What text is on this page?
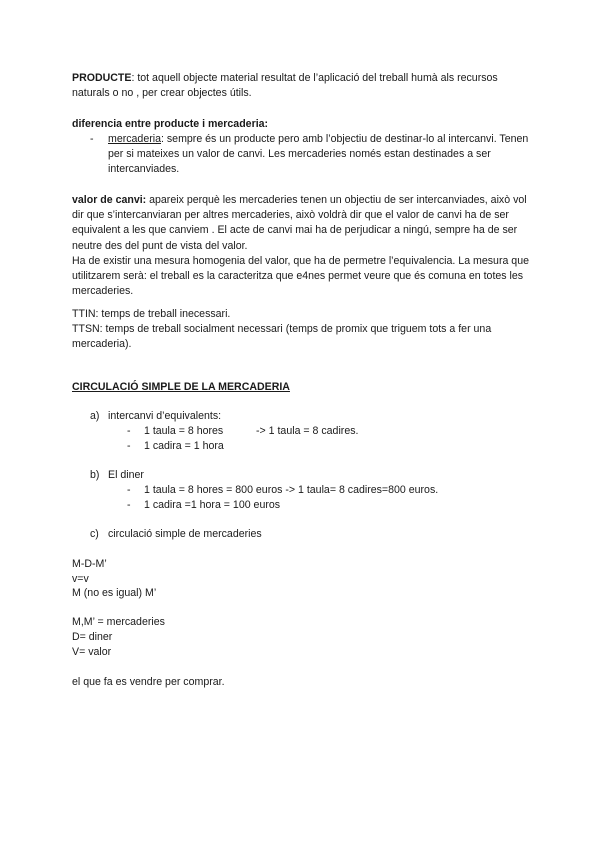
PRODUCTE: tot aquell objecte material resultat de l’aplicació del treball humà als recursos naturals o no , per crear objectes útils.
diferencia entre producte i mercaderia:
- mercaderia: sempre és un producte pero amb l’objectiu de destinar-lo al intercanvi. Tenen per si mateixes un valor de canvi. Les mercaderies només estan destinades a ser intercanviades.
valor de canvi: apareix perquè les mercaderies tenen un objectiu de ser intercanviades, això vol dir que s’intercanviaran per altres mercaderies, això voldrà dir que el valor de canvi ha de ser equivalent a les que canviem . El acte de canvi mai ha de perjudicar a ningú, sempre ha de ser neutre des del punt de vista del valor.
Ha de existir una mesura homogenia del valor, que ha de permetre l’equivalencia. La mesura que utilitzarem serà: el treball es la caracteritza que e4nes permet veure que és comuna en totes les mercaderies.
TTIN: temps de treball inecessari.
TTSN: temps de treball socialment necessari (temps de promix que triguem tots a fer una mercaderia).
CIRCULACIÓ SIMPLE DE LA MERCADERIA
a) intercanvi d’equivalents:
- 1 taula = 8 hores	-> 1 taula = 8 cadires.
- 1 cadira = 1 hora
b) El diner
- 1 taula = 8 hores = 800 euros -> 1 taula= 8 cadires=800 euros.
- 1 cadira =1 hora = 100 euros
c) circulació simple de mercaderies
M-D-M’
v=v
M (no es igual) M’
M,M’ = mercaderies
D= diner
V= valor
el que fa es vendre per comprar.
